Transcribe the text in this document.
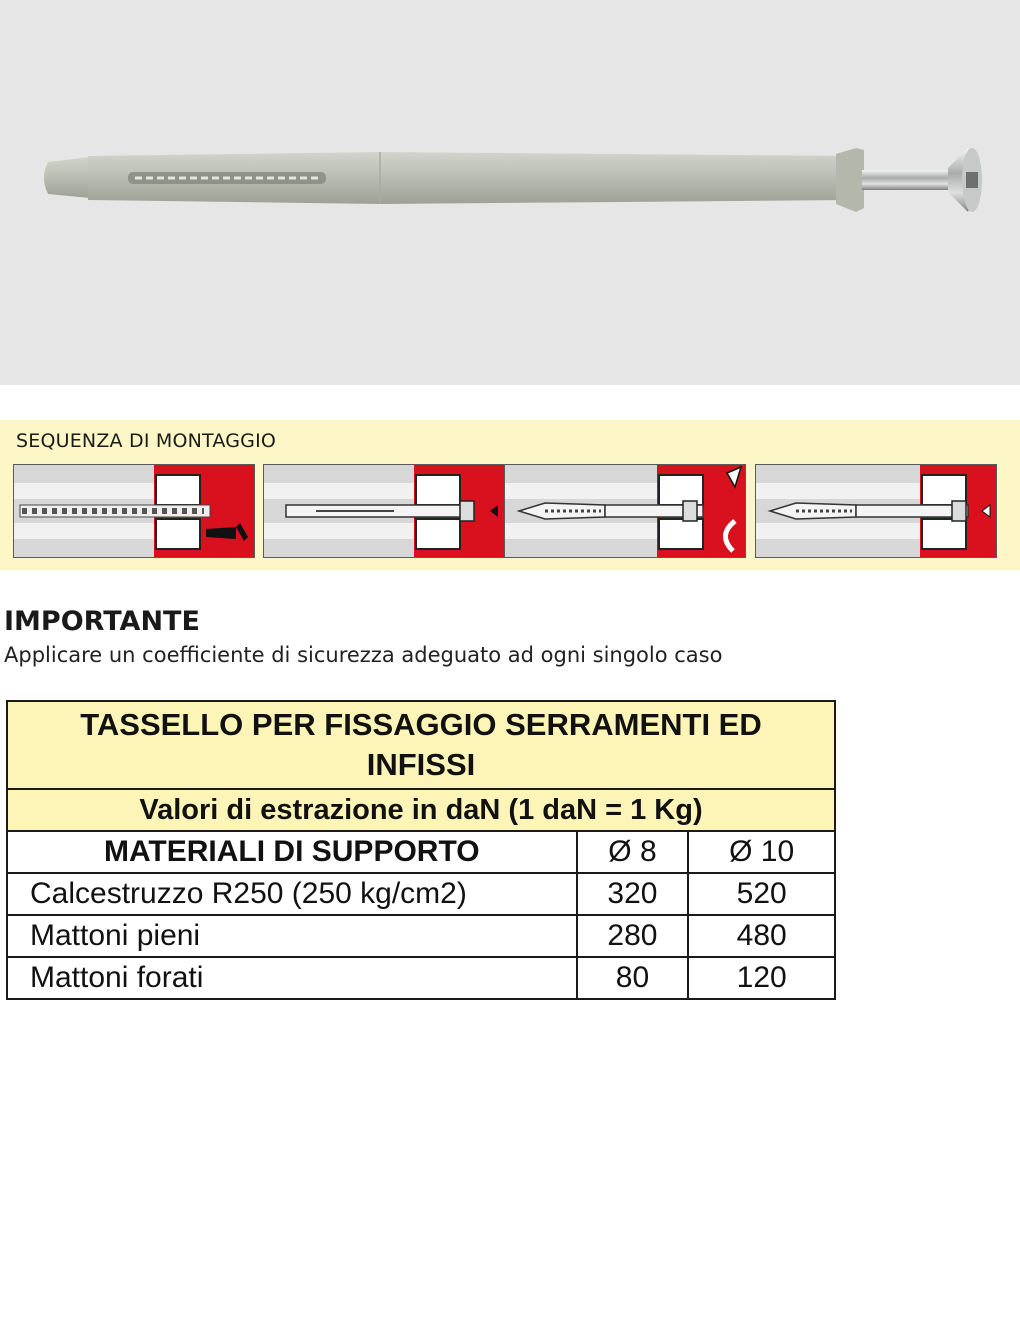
SEQUENZA DI MONTAGGIO
IMPORTANTE
Applicare un coefficiente di sicurezza adeguato ad ogni singolo caso
TASSELLO PER FISSAGGIO SERRAMENTI ED INFISSI		
Valori di estrazione in daN (1 daN = 1 Kg)		
MATERIALI DI SUPPORTO	Ø 8	Ø 10
Calcestruzzo R250 (250 kg/cm2)	320	520
Mattoni pieni	280	480
Mattoni forati	80	120
